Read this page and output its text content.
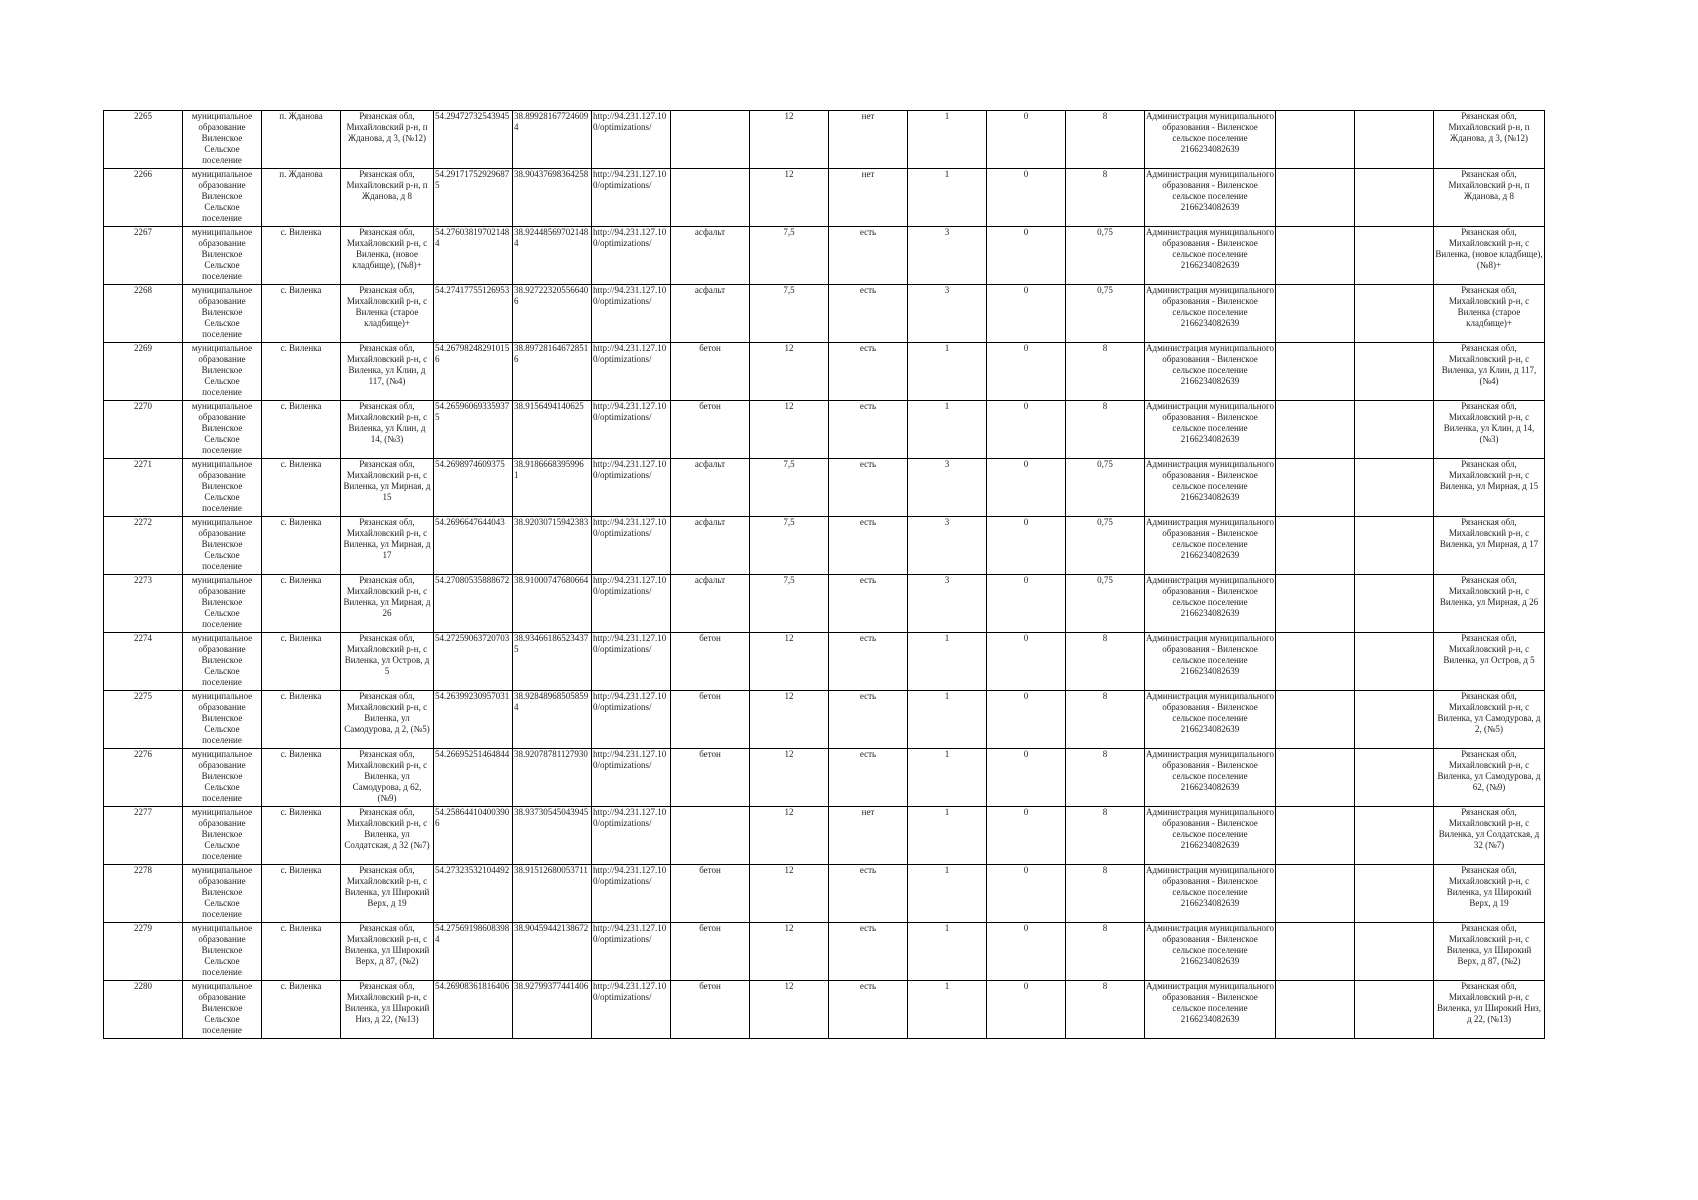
2265	муниципальное образование Виленское Сельское поселение	п. Жданова	Рязанская обл, Михайловский р-н, п Жданова, д 3, (№12)	54.29472732543945	38.899281677246094	http://94.231.127.100/optimizations/		12	нет	1	0	8	Администрация муниципального образования - Виленское сельское поселение 2166234082639			Рязанская обл, Михайловский р-н, п Жданова, д 3, (№12)
2266	муниципальное образование Виленское Сельское поселение	п. Жданова	Рязанская обл, Михайловский р-н, п Жданова, д 8	54.29171752929687 5	38.90437698364258	http://94.231.127.100/optimizations/		12	нет	1	0	8	Администрация муниципального образования - Виленское сельское поселение 2166234082639			Рязанская обл, Михайловский р-н, п Жданова, д 8
2267	муниципальное образование Виленское Сельское поселение	с. Виленка	Рязанская обл, Михайловский р-н, с Виленка, (новое кладбище), (№8)+	54.27603819702148 4	38.92448569702148 4	http://94.231.127.100/optimizations/	асфальт	7,5	есть	3	0	0,75	Администрация муниципального образования - Виленское сельское поселение 2166234082639			Рязанская обл, Михайловский р-н, с Виленка, (новое кладбище), (№8)+
2268	муниципальное образование Виленское Сельское поселение	с. Виленка	Рязанская обл, Михайловский р-н, с Виленка (старое кладбище)+	54.27417755126953	38.92722320556640 6	http://94.231.127.100/optimizations/	асфальт	7,5	есть	3	0	0,75	Администрация муниципального образования - Виленское сельское поселение 2166234082639			Рязанская обл, Михайловский р-н, с Виленка (старое кладбище)+
2269	муниципальное образование Виленское Сельское поселение	с. Виленка	Рязанская обл, Михайловский р-н, с Виленка, ул Клин, д 117, (№4)	54.26798248291015 6	38.89728164672851 6	http://94.231.127.100/optimizations/	бетон	12	есть	1	0	8	Администрация муниципального образования - Виленское сельское поселение 2166234082639			Рязанская обл, Михайловский р-н, с Виленка, ул Клин, д 117, (№4)
2270	муниципальное образование Виленское Сельское поселение	с. Виленка	Рязанская обл, Михайловский р-н, с Виленка, ул Клин, д 14, (№3)	54.26596069335937 5	38.9156494140625	http://94.231.127.100/optimizations/	бетон	12	есть	1	0	8	Администрация муниципального образования - Виленское сельское поселение 2166234082639			Рязанская обл, Михайловский р-н, с Виленка, ул Клин, д 14, (№3)
2271	муниципальное образование Виленское Сельское поселение	с. Виленка	Рязанская обл, Михайловский р-н, с Виленка, ул Мирная, д 15	54.2698974609375	38.9186668395996 1	http://94.231.127.100/optimizations/	асфальт	7,5	есть	3	0	0,75	Администрация муниципального образования - Виленское сельское поселение 2166234082639			Рязанская обл, Михайловский р-н, с Виленка, ул Мирная, д 15
2272	муниципальное образование Виленское Сельское поселение	с. Виленка	Рязанская обл, Михайловский р-н, с Виленка, ул Мирная, д 17	54.2696647644043	38.92030715942383	http://94.231.127.100/optimizations/	асфальт	7,5	есть	3	0	0,75	Администрация муниципального образования - Виленское сельское поселение 2166234082639			Рязанская обл, Михайловский р-н, с Виленка, ул Мирная, д 17
2273	муниципальное образование Виленское Сельское поселение	с. Виленка	Рязанская обл, Михайловский р-н, с Виленка, ул Мирная, д 26	54.27080535888672	38.91000747680664	http://94.231.127.100/optimizations/	асфальт	7,5	есть	3	0	0,75	Администрация муниципального образования - Виленское сельское поселение 2166234082639			Рязанская обл, Михайловский р-н, с Виленка, ул Мирная, д 26
2274	муниципальное образование Виленское Сельское поселение	с. Виленка	Рязанская обл, Михайловский р-н, с Виленка, ул Остров, д 5	54.27259063720703	38.93466186523437 5	http://94.231.127.100/optimizations/	бетон	12	есть	1	0	8	Администрация муниципального образования - Виленское сельское поселение 2166234082639			Рязанская обл, Михайловский р-н, с Виленка, ул Остров, д 5
2275	муниципальное образование Виленское Сельское поселение	с. Виленка	Рязанская обл, Михайловский р-н, с Виленка, ул Самодурова, д 2, (№5)	54.26399230957031	38.92848968505859 4	http://94.231.127.100/optimizations/	бетон	12	есть	1	0	8	Администрация муниципального образования - Виленское сельское поселение 2166234082639			Рязанская обл, Михайловский р-н, с Виленка, ул Самодурова, д 2, (№5)
2276	муниципальное образование Виленское Сельское поселение	с. Виленка	Рязанская обл, Михайловский р-н, с Виленка, ул Самодурова, д 62, (№9)	54.26695251464844	38.92078781127930	http://94.231.127.100/optimizations/	бетон	12	есть	1	0	8	Администрация муниципального образования - Виленское сельское поселение 2166234082639			Рязанская обл, Михайловский р-н, с Виленка, ул Самодурова, д 62, (№9)
2277	муниципальное образование Виленское Сельское поселение	с. Виленка	Рязанская обл, Михайловский р-н, с Виленка, ул Солдатская, д 32 (№7)	54.25864410400390 6	38.93730545043945	http://94.231.127.100/optimizations/		12	нет	1	0	8	Администрация муниципального образования - Виленское сельское поселение 2166234082639			Рязанская обл, Михайловский р-н, с Виленка, ул Солдатская, д 32 (№7)
2278	муниципальное образование Виленское Сельское поселение	с. Виленка	Рязанская обл, Михайловский р-н, с Виленка, ул Широкий Верх, д 19	54.27323532104492	38.91512680053711	http://94.231.127.100/optimizations/	бетон	12	есть	1	0	8	Администрация муниципального образования - Виленское сельское поселение 2166234082639			Рязанская обл, Михайловский р-н, с Виленка, ул Широкий Верх, д 19
2279	муниципальное образование Виленское Сельское поселение	с. Виленка	Рязанская обл, Михайловский р-н, с Виленка, ул Широкий Верх, д 87, (№2)	54.27569198608398 4	38.90459442138672	http://94.231.127.100/optimizations/	бетон	12	есть	1	0	8	Администрация муниципального образования - Виленское сельское поселение 2166234082639			Рязанская обл, Михайловский р-н, с Виленка, ул Широкий Верх, д 87, (№2)
2280	муниципальное образование Виленское Сельское поселение	с. Виленка	Рязанская обл, Михайловский р-н, с Виленка, ул Широкий Низ, д 22, (№13)	54.26908361816406	38.92799377441406	http://94.231.127.100/optimizations/	бетон	12	есть	1	0	8	Администрация муниципального образования - Виленское сельское поселение 2166234082639			Рязанская обл, Михайловский р-н, с Виленка, ул Широкий Низ, д 22, (№13)
